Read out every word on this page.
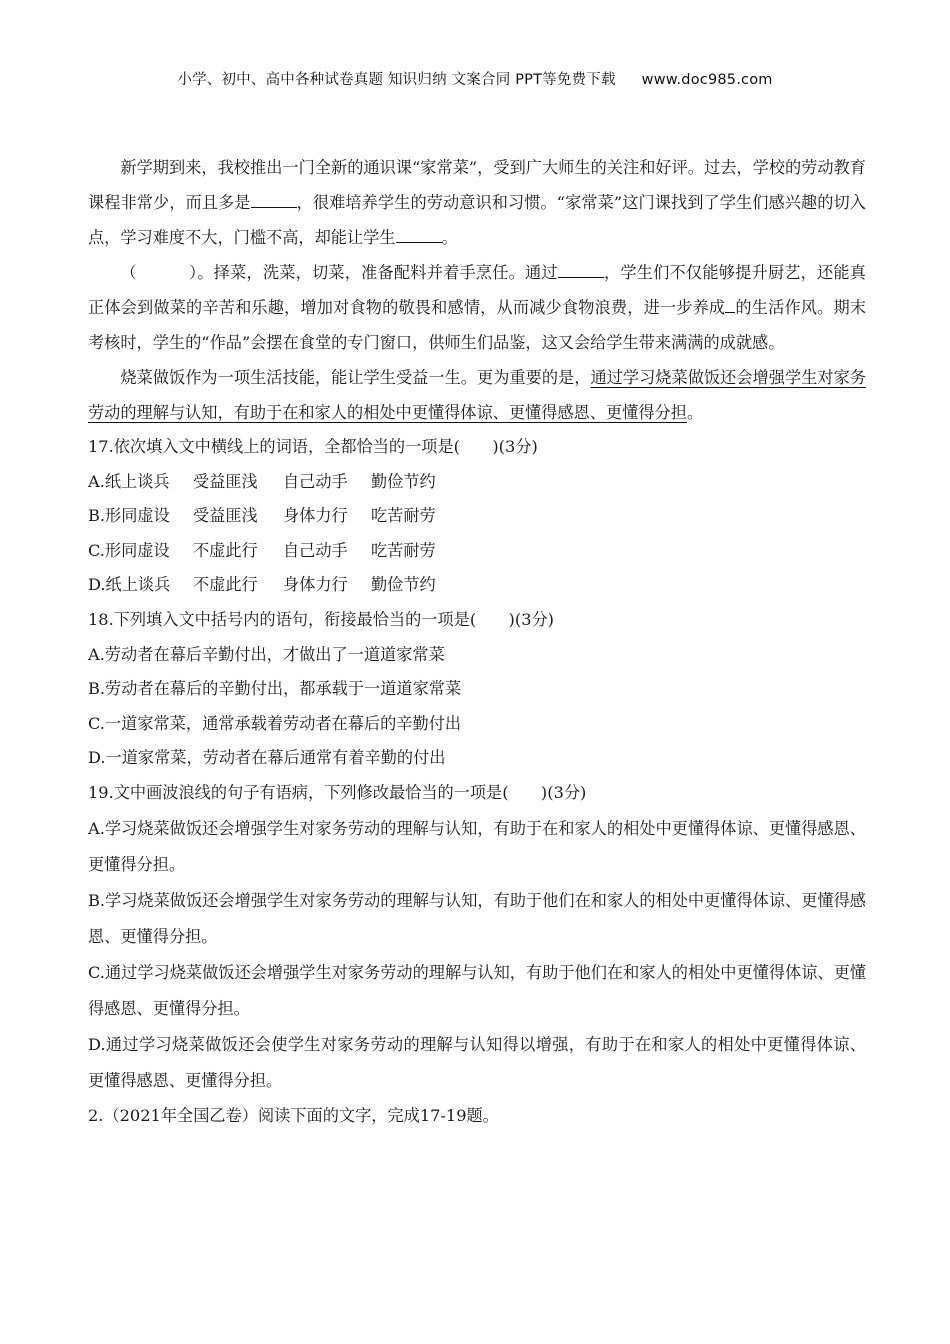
小学、初中、高中各种试卷真题 知识归纳 文案合同 PPT等免费下载 www.doc985.com

新学期到来，我校推出一门全新的通识课“家常菜”，受到广大师生的关注和好评。过去，学校的劳动教育课程非常少，而且多是	，很难培养学生的劳动意识和习惯。“家常菜”这门课找到了学生们感兴趣的切入点，学习难度不大，门槛不高，却能让学生	。

（	）。择菜，洗菜，切菜，准备配料并着手烹任。通过	，学生们不仅能够提升厨艺，还能真正体会到做菜的辛苦和乐趣，增加对食物的敬畏和感情，从而减少食物浪费，进一步养成 的生活作风。期末考核时，学生的“作品”会摆在食堂的专门窗口，供师生们品鉴，这又会给学生带来满满的成就感。

烧菜做饭作为一项生活技能，能让学生受益一生。更为重要的是，通过学习烧菜做饭还会增强学生对家务劳动的理解与认知，有助于在和家人的相处中更懂得体谅、更懂得感恩、更懂得分担。

17.依次填入文中横线上的词语，全都恰当的一项是(　　)(3分)

A.纸上谈兵 受益匪浅 自己动手 勤俭节约

B.形同虚设 受益匪浅 身体力行 吃苦耐劳

C.形同虚设 不虚此行 自己动手 吃苦耐劳

D.纸上谈兵 不虚此行 身体力行 勤俭节约

18.下列填入文中括号内的语句，衔接最恰当的一项是(　　)(3分)

A.劳动者在幕后辛勤付出，才做出了一道道家常菜

B.劳动者在幕后的辛勤付出，都承载于一道道家常菜

C.一道家常菜，通常承载着劳动者在幕后的辛勤付出

D.一道家常菜，劳动者在幕后通常有着辛勤的付出

19.文中画波浪线的句子有语病，下列修改最恰当的一项是(　　)(3分)

A.学习烧菜做饭还会增强学生对家务劳动的理解与认知，有助于在和家人的相处中更懂得体谅、更懂得感恩、更懂得分担。

B.学习烧菜做饭还会增强学生对家务劳动的理解与认知，有助于他们在和家人的相处中更懂得体谅、更懂得感恩、更懂得分担。

C.通过学习烧菜做饭还会增强学生对家务劳动的理解与认知，有助于他们在和家人的相处中更懂得体谅、更懂得感恩、更懂得分担。

D.通过学习烧菜做饭还会使学生对家务劳动的理解与认知得以增强，有助于在和家人的相处中更懂得体谅、更懂得感恩、更懂得分担。

2.（2021年全国乙卷）阅读下面的文字，完成17-19题。
